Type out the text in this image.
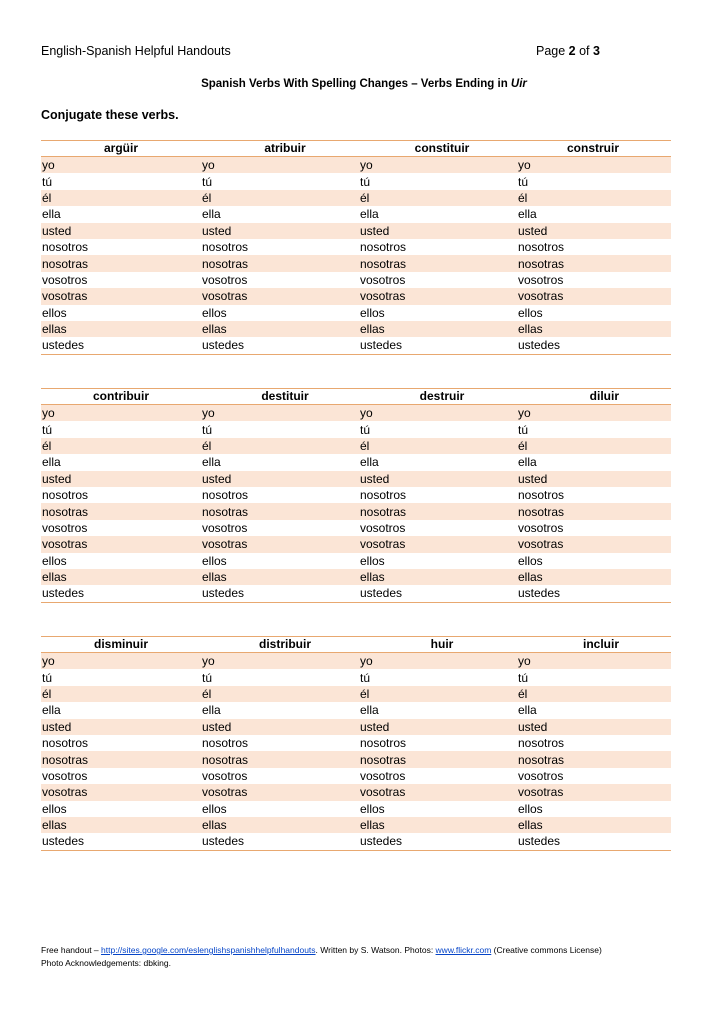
English-Spanish Helpful Handouts	Page 2 of 3
Spanish Verbs With Spelling Changes – Verbs Ending in Uir
Conjugate these verbs.
argüir	atribuir	constituir	construir
yo	yo	yo	yo
tú	tú	tú	tú
él	él	él	él
ella	ella	ella	ella
usted	usted	usted	usted
nosotros	nosotros	nosotros	nosotros
nosotras	nosotras	nosotras	nosotras
vosotros	vosotros	vosotros	vosotros
vosotras	vosotras	vosotras	vosotras
ellos	ellos	ellos	ellos
ellas	ellas	ellas	ellas
ustedes	ustedes	ustedes	ustedes
contribuir	destituir	destruir	diluir
yo	yo	yo	yo
tú	tú	tú	tú
él	él	él	él
ella	ella	ella	ella
usted	usted	usted	usted
nosotros	nosotros	nosotros	nosotros
nosotras	nosotras	nosotras	nosotras
vosotros	vosotros	vosotros	vosotros
vosotras	vosotras	vosotras	vosotras
ellos	ellos	ellos	ellos
ellas	ellas	ellas	ellas
ustedes	ustedes	ustedes	ustedes
disminuir	distribuir	huir	incluir
yo	yo	yo	yo
tú	tú	tú	tú
él	él	él	él
ella	ella	ella	ella
usted	usted	usted	usted
nosotros	nosotros	nosotros	nosotros
nosotras	nosotras	nosotras	nosotras
vosotros	vosotros	vosotros	vosotros
vosotras	vosotras	vosotras	vosotras
ellos	ellos	ellos	ellos
ellas	ellas	ellas	ellas
ustedes	ustedes	ustedes	ustedes
Free handout – http://sites.google.com/eslenglishspanishhelpfulhandouts. Written by S. Watson. Photos: www.flickr.com (Creative commons License)
Photo Acknowledgements: dbking.
